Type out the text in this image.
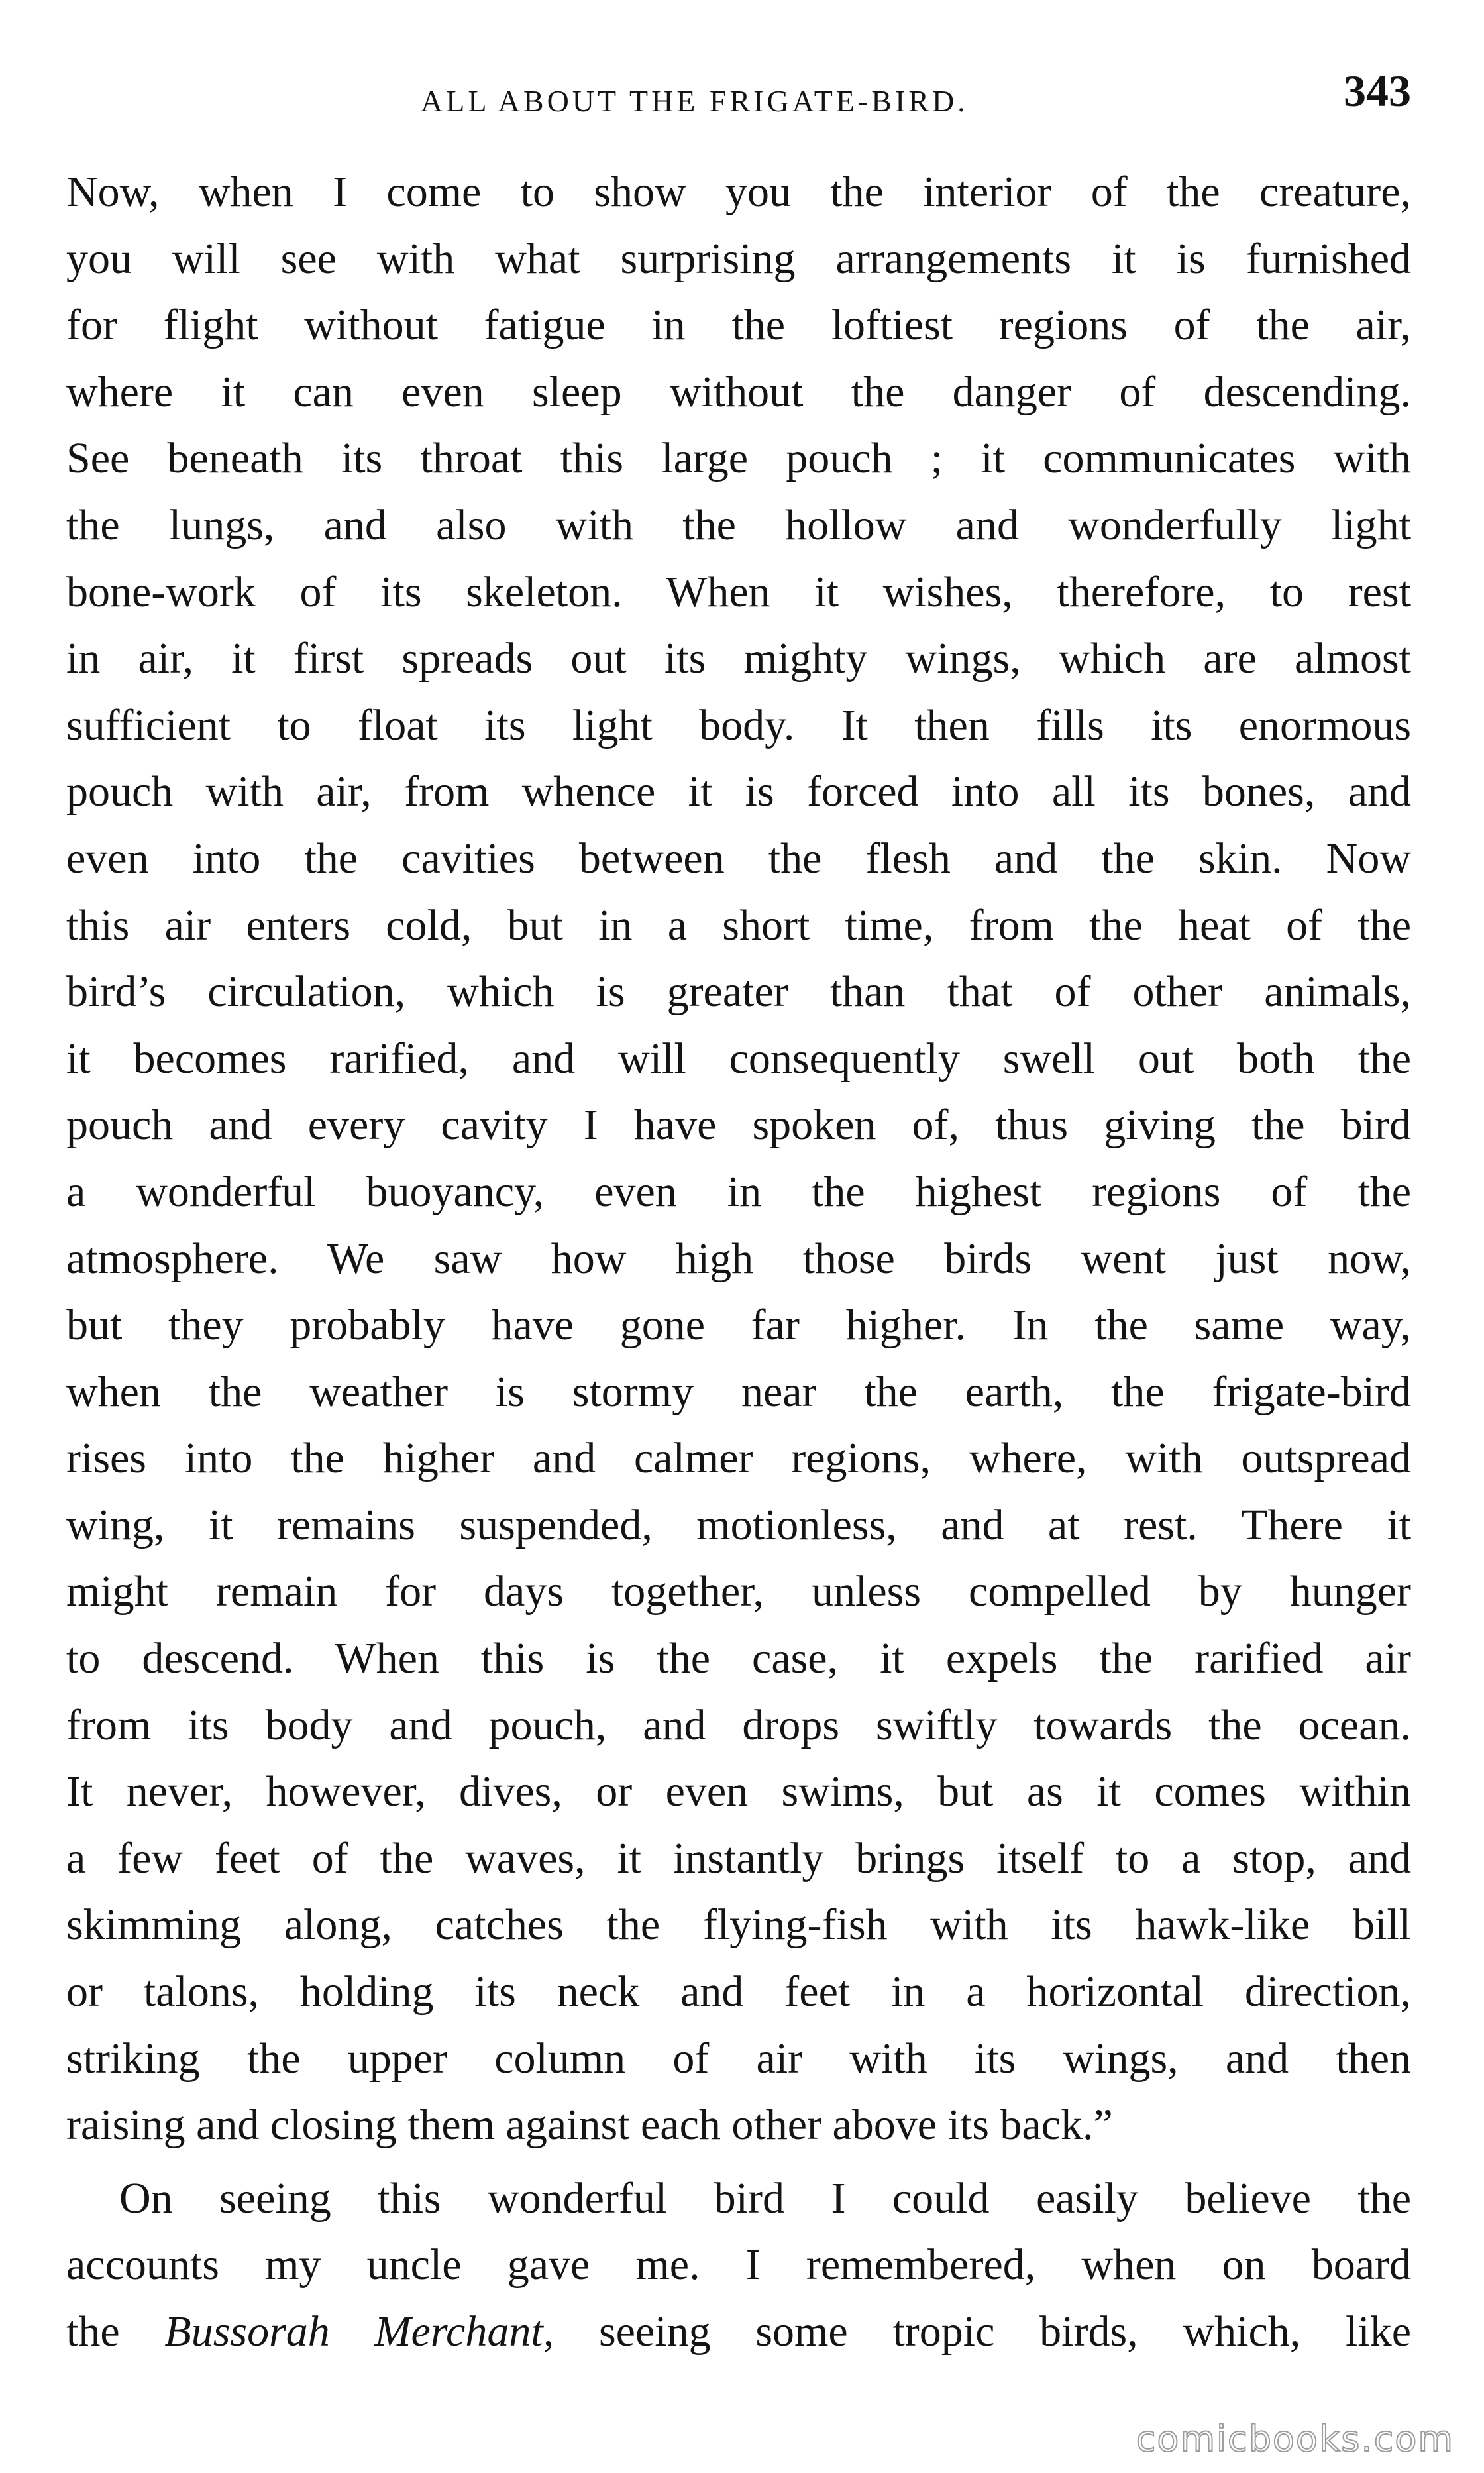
ALL ABOUT THE FRIGATE-BIRD.	343
Now, when I come to show you the interior of the creature,
you will see with what surprising arrangements it is furnished
for flight without fatigue in the loftiest regions of the air,
where it can even sleep without the danger of descending.
See beneath its throat this large pouch ; it communicates with
the lungs, and also with the hollow and wonderfully light
bone-work of its skeleton. When it wishes, therefore, to rest
in air, it first spreads out its mighty wings, which are almost
sufficient to float its light body. It then fills its enormous
pouch with air, from whence it is forced into all its bones, and
even into the cavities between the flesh and the skin. Now
this air enters cold, but in a short time, from the heat of the
bird’s circulation, which is greater than that of other animals,
it becomes rarified, and will consequently swell out both the
pouch and every cavity I have spoken of, thus giving the bird
a wonderful buoyancy, even in the highest regions of the
atmosphere. We saw how high those birds went just now,
but they probably have gone far higher. In the same way,
when the weather is stormy near the earth, the frigate-bird
rises into the higher and calmer regions, where, with outspread
wing, it remains suspended, motionless, and at rest. There it
might remain for days together, unless compelled by hunger
to descend. When this is the case, it expels the rarified air
from its body and pouch, and drops swiftly towards the ocean.
It never, however, dives, or even swims, but as it comes within
a few feet of the waves, it instantly brings itself to a stop, and
skimming along, catches the flying-fish with its hawk-like bill
or talons, holding its neck and feet in a horizontal direction,
striking the upper column of air with its wings, and then
raising and closing them against each other above its back.”
On seeing this wonderful bird I could easily believe the
accounts my uncle gave me. I remembered, when on board
the Bussorah Merchant, seeing some tropic birds, which, like
comicbooks.com
